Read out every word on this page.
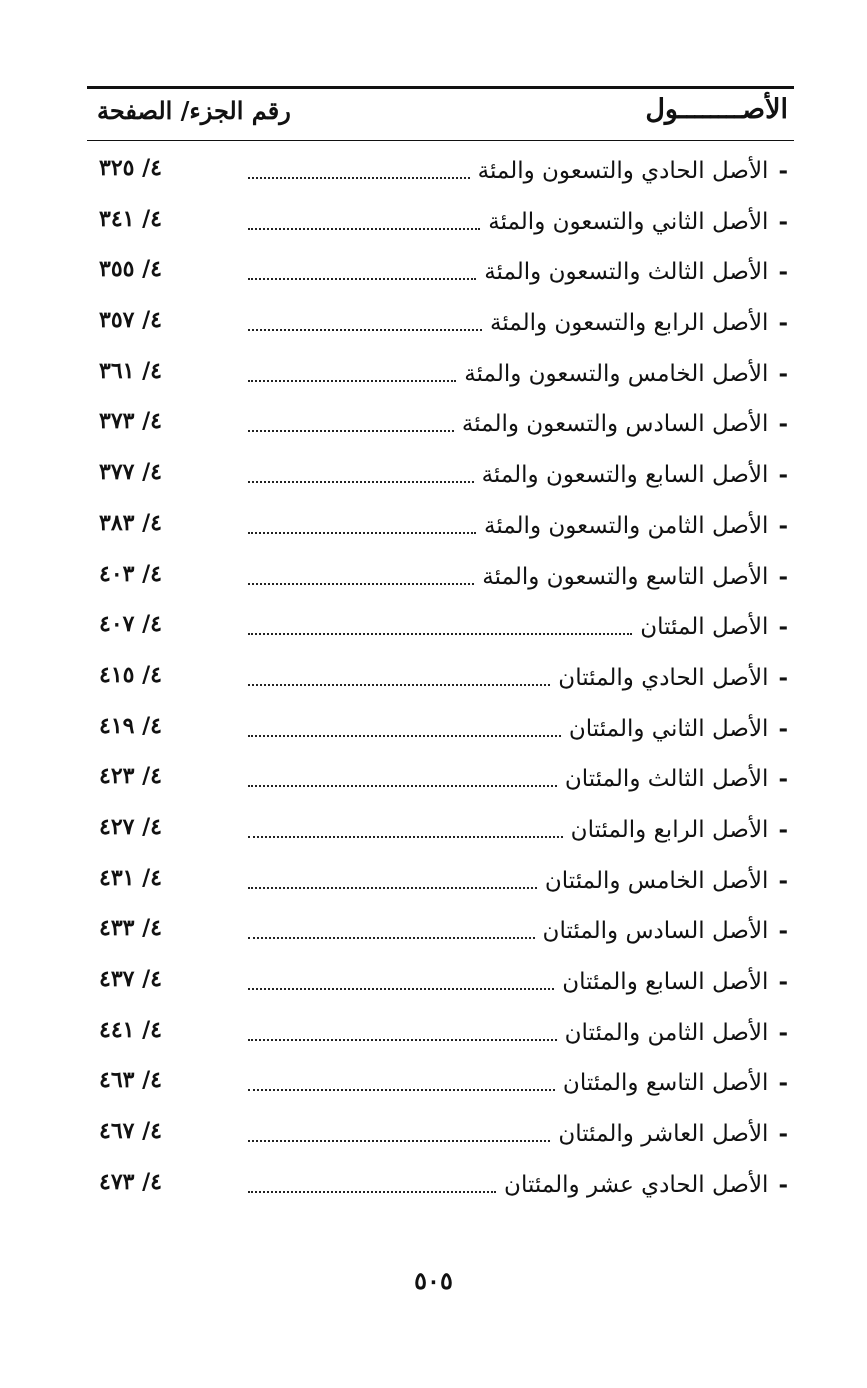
الأصــــــــول
رقم الجزء/ الصفحة
-
الأصل الحادي والتسعون والمئة
٤/ ٣٢٥
-
الأصل الثاني والتسعون والمئة
٤/ ٣٤١
-
الأصل الثالث والتسعون والمئة
٤/ ٣٥٥
-
الأصل الرابع والتسعون والمئة
٤/ ٣٥٧
-
الأصل الخامس والتسعون والمئة
٤/ ٣٦١
-
الأصل السادس والتسعون والمئة
٤/ ٣٧٣
-
الأصل السابع والتسعون والمئة
٤/ ٣٧٧
-
الأصل الثامن والتسعون والمئة
٤/ ٣٨٣
-
الأصل التاسع والتسعون والمئة
٤/ ٤٠٣
-
الأصل المئتان
٤/ ٤٠٧
-
الأصل الحادي والمئتان
٤/ ٤١٥
-
الأصل الثاني والمئتان
٤/ ٤١٩
-
الأصل الثالث والمئتان
٤/ ٤٢٣
-
الأصل الرابع والمئتان
٤/ ٤٢٧
-
الأصل الخامس والمئتان
٤/ ٤٣١
-
الأصل السادس والمئتان
٤/ ٤٣٣
-
الأصل السابع والمئتان
٤/ ٤٣٧
-
الأصل الثامن والمئتان
٤/ ٤٤١
-
الأصل التاسع والمئتان
٤/ ٤٦٣
-
الأصل العاشر والمئتان
٤/ ٤٦٧
-
الأصل الحادي عشر والمئتان
٤/ ٤٧٣
٥٠٥
